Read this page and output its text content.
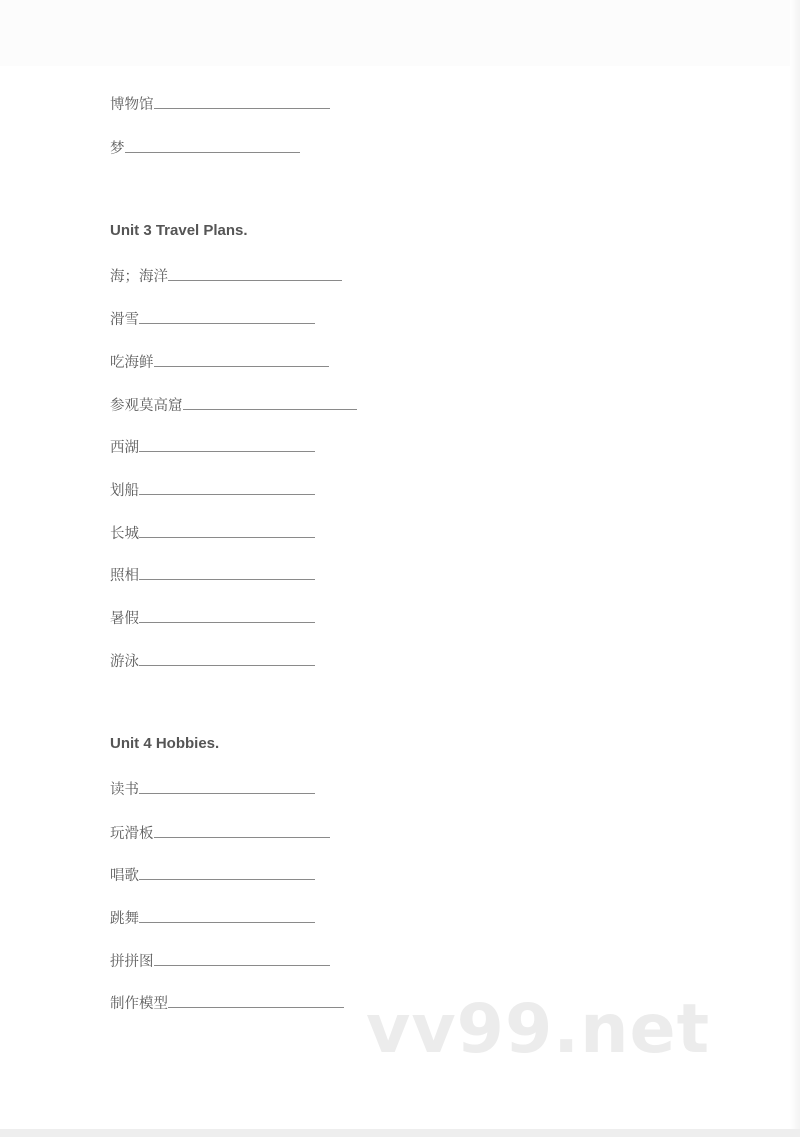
博物馆
梦
Unit 3 Travel Plans.
海；海洋
滑雪
吃海鲜
参观莫高窟
西湖
划船
长城
照相
暑假
游泳
Unit 4 Hobbies.
读书
玩滑板
唱歌
跳舞
拼拼图
制作模型	vv99.net
